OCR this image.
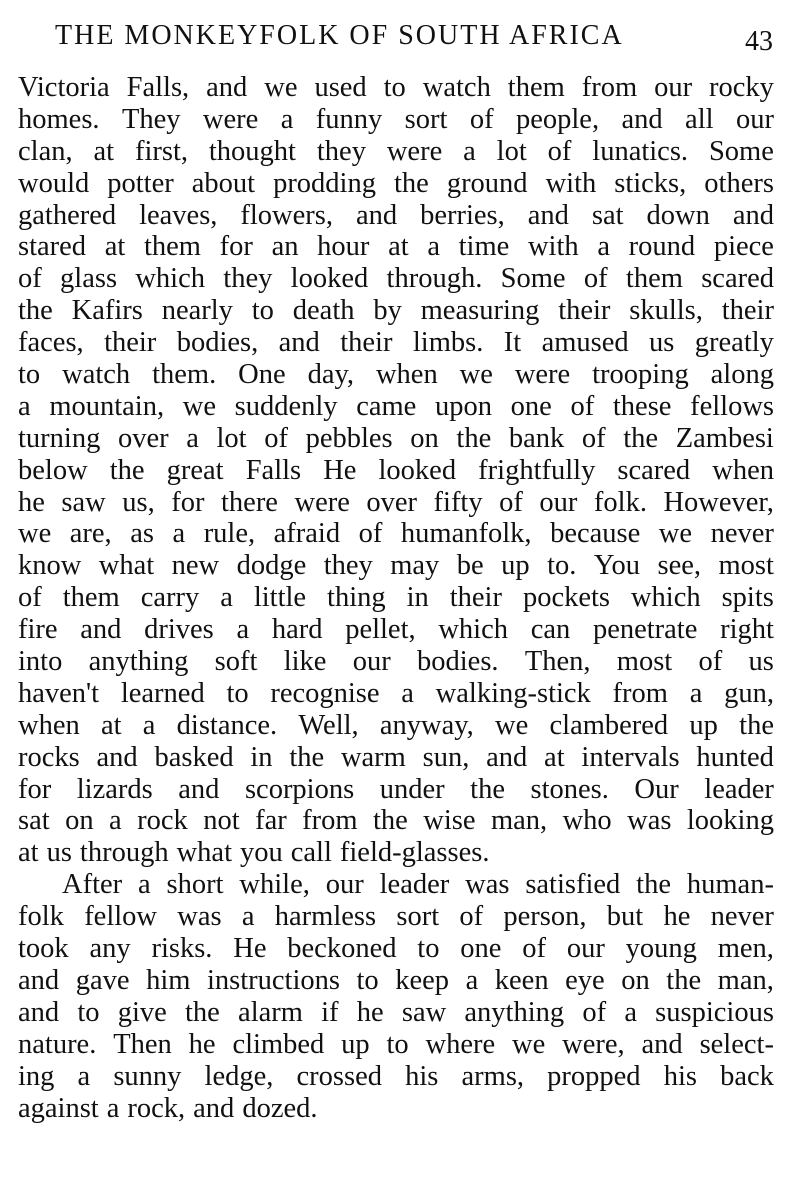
THE MONKEYFOLK OF SOUTH AFRICA	43
Victoria Falls, and we used to watch them from our rocky
homes. They were a funny sort of people, and all our
clan, at first, thought they were a lot of lunatics. Some
would potter about prodding the ground with sticks, others
gathered leaves, flowers, and berries, and sat down and
stared at them for an hour at a time with a round piece
of glass which they looked through. Some of them scared
the Kafirs nearly to death by measuring their skulls, their
faces, their bodies, and their limbs. It amused us greatly
to watch them. One day, when we were trooping along
a mountain, we suddenly came upon one of these fellows
turning over a lot of pebbles on the bank of the Zambesi
below the great Falls He looked frightfully scared when
he saw us, for there were over fifty of our folk. However,
we are, as a rule, afraid of humanfolk, because we never
know what new dodge they may be up to. You see, most
of them carry a little thing in their pockets which spits
fire and drives a hard pellet, which can penetrate right
into anything soft like our bodies. Then, most of us
haven't learned to recognise a walking-stick from a gun,
when at a distance. Well, anyway, we clambered up the
rocks and basked in the warm sun, and at intervals hunted
for lizards and scorpions under the stones. Our leader
sat on a rock not far from the wise man, who was looking
at us through what you call field-glasses.
After a short while, our leader was satisfied the human-
folk fellow was a harmless sort of person, but he never
took any risks. He beckoned to one of our young men,
and gave him instructions to keep a keen eye on the man,
and to give the alarm if he saw anything of a suspicious
nature. Then he climbed up to where we were, and select-
ing a sunny ledge, crossed his arms, propped his back
against a rock, and dozed.
